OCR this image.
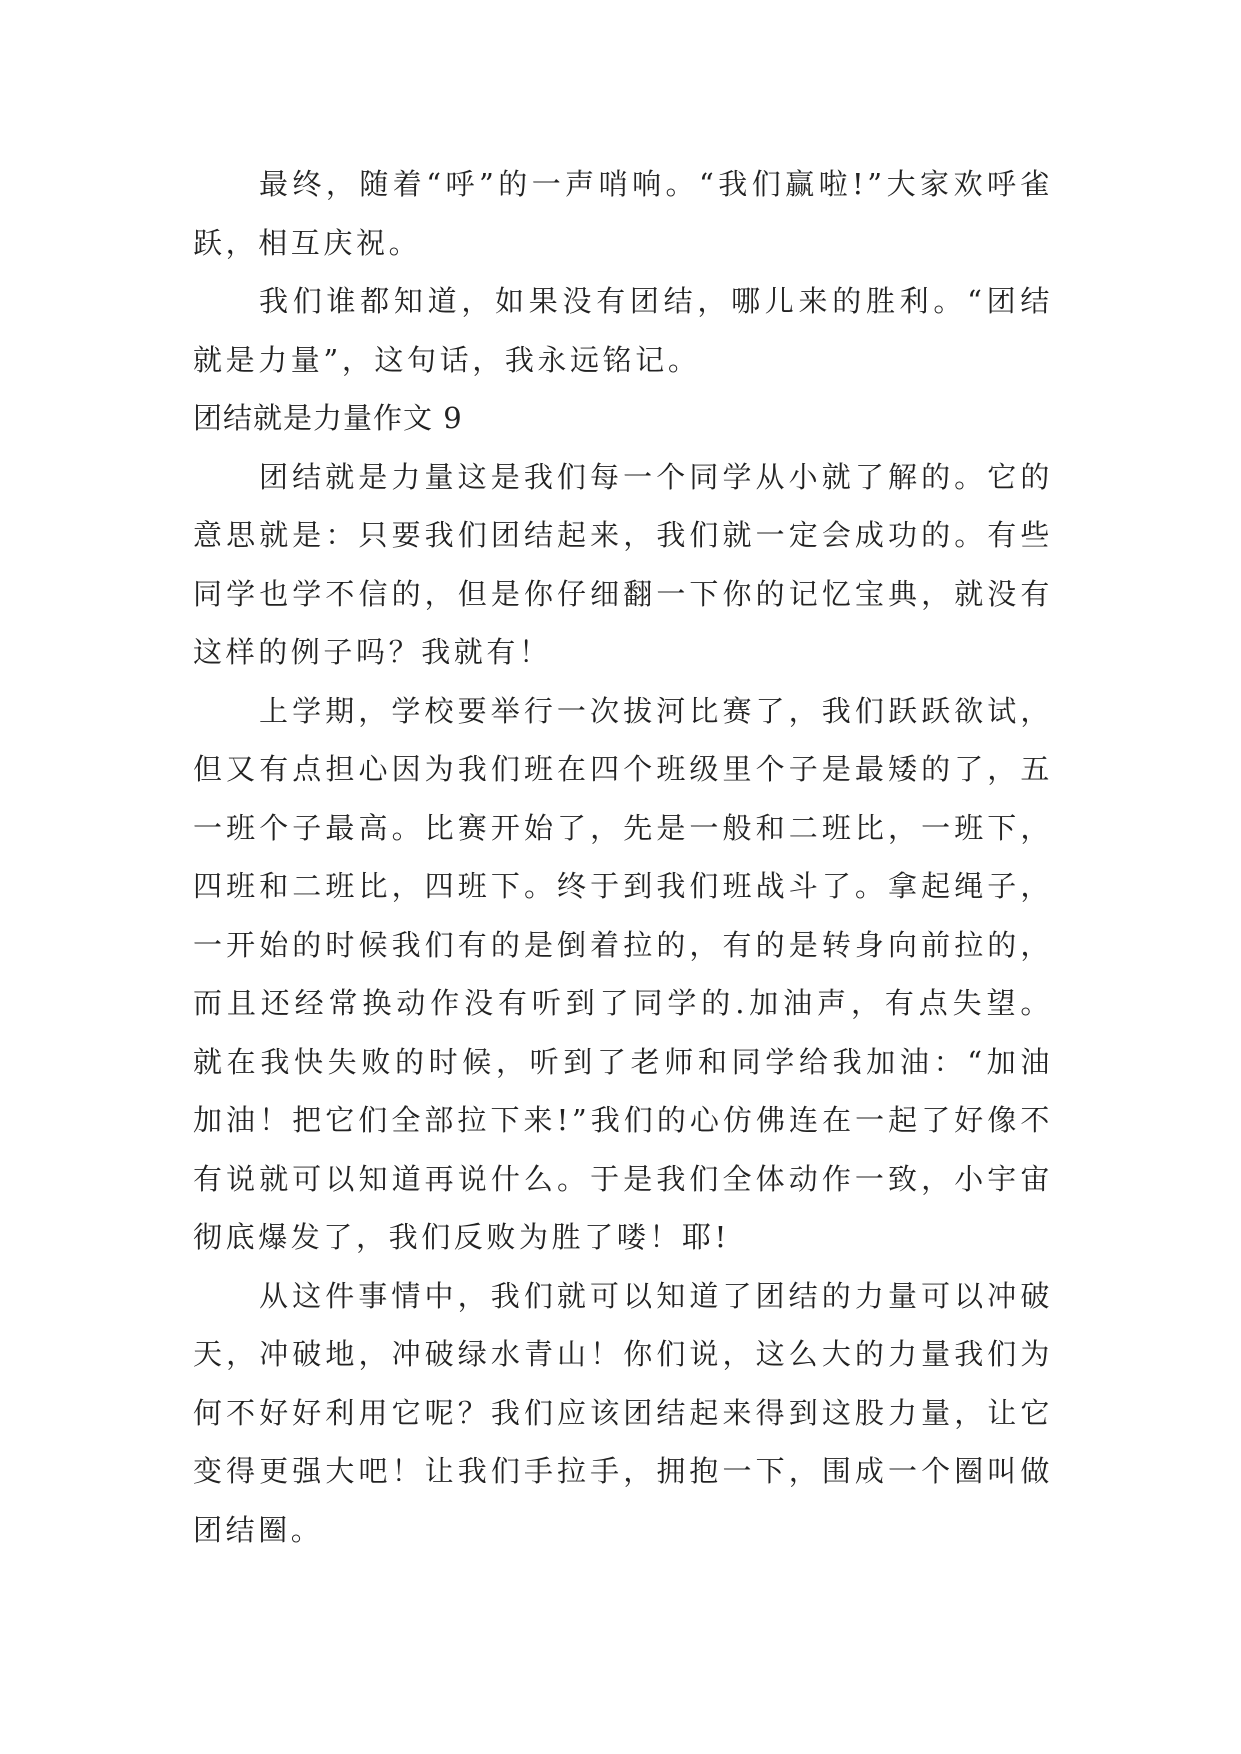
最终，随着“呼”的一声哨响。“我们赢啦!”大家欢呼雀跃，相互庆祝。

我们谁都知道，如果没有团结，哪儿来的胜利。“团结就是力量”，这句话，我永远铭记。

团结就是力量作文 9

团结就是力量这是我们每一个同学从小就了解的。它的意思就是：只要我们团结起来，我们就一定会成功的。有些同学也学不信的，但是你仔细翻一下你的记忆宝典，就没有这样的例子吗？我就有！

上学期，学校要举行一次拔河比赛了，我们跃跃欲试，但又有点担心因为我们班在四个班级里个子是最矮的了，五一班个子最高。比赛开始了，先是一般和二班比，一班下，四班和二班比，四班下。终于到我们班战斗了。拿起绳子，一开始的时候我们有的是倒着拉的，有的是转身向前拉的，而且还经常换动作没有听到了同学的.加油声，有点失望。就在我快失败的时候，听到了老师和同学给我加油：“加油加油！把它们全部拉下来!”我们的心仿佛连在一起了好像不有说就可以知道再说什么。于是我们全体动作一致，小宇宙彻底爆发了，我们反败为胜了喽！耶!

从这件事情中，我们就可以知道了团结的力量可以冲破天，冲破地，冲破绿水青山！你们说，这么大的力量我们为何不好好利用它呢？我们应该团结起来得到这股力量，让它变得更强大吧！让我们手拉手，拥抱一下，围成一个圈叫做团结圈。
